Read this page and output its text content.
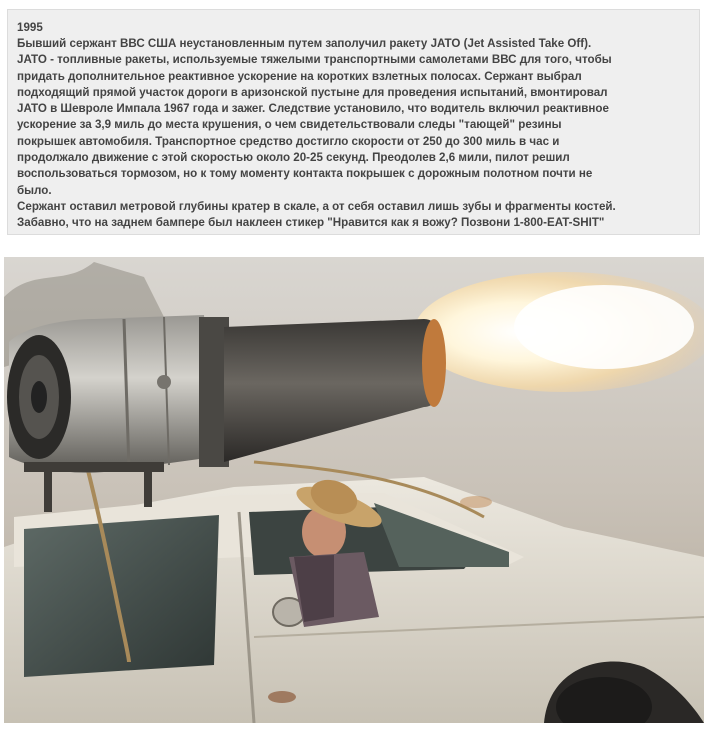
1995

Бывший сержант ВВС США неустановленным путем заполучил ракету JATO (Jet Assisted Take Off).

JATO - топливные ракеты, используемые тяжелыми транспортными самолетами ВВС для того, чтобы

придать дополнительное реактивное ускорение на коротких взлетных полосах. Сержант выбрал

подходящий прямой участок дороги в аризонской пустыне для проведения испытаний, вмонтировал

JATO в Шевроле Импала 1967 года и зажег. Следствие установило, что водитель включил реактивное

ускорение за 3,9 миль до места крушения, о чем свидетельствовали следы "тающей" резины

покрышек автомобиля. Транспортное средство достигло скорости от 250 до 300 миль в час и

продолжало движение с этой скоростью около 20-25 секунд. Преодолев 2,6 мили, пилот решил

воспользоваться тормозом, но к тому моменту контакта покрышек с дорожным полотном почти не

было.

Сержант оставил метровой глубины кратер в скале, а от себя оставил лишь зубы и фрагменты костей.

Забавно, что на заднем бампере был наклеен стикер "Нравится как я вожу? Позвони 1-800-EAT-SHIT"
